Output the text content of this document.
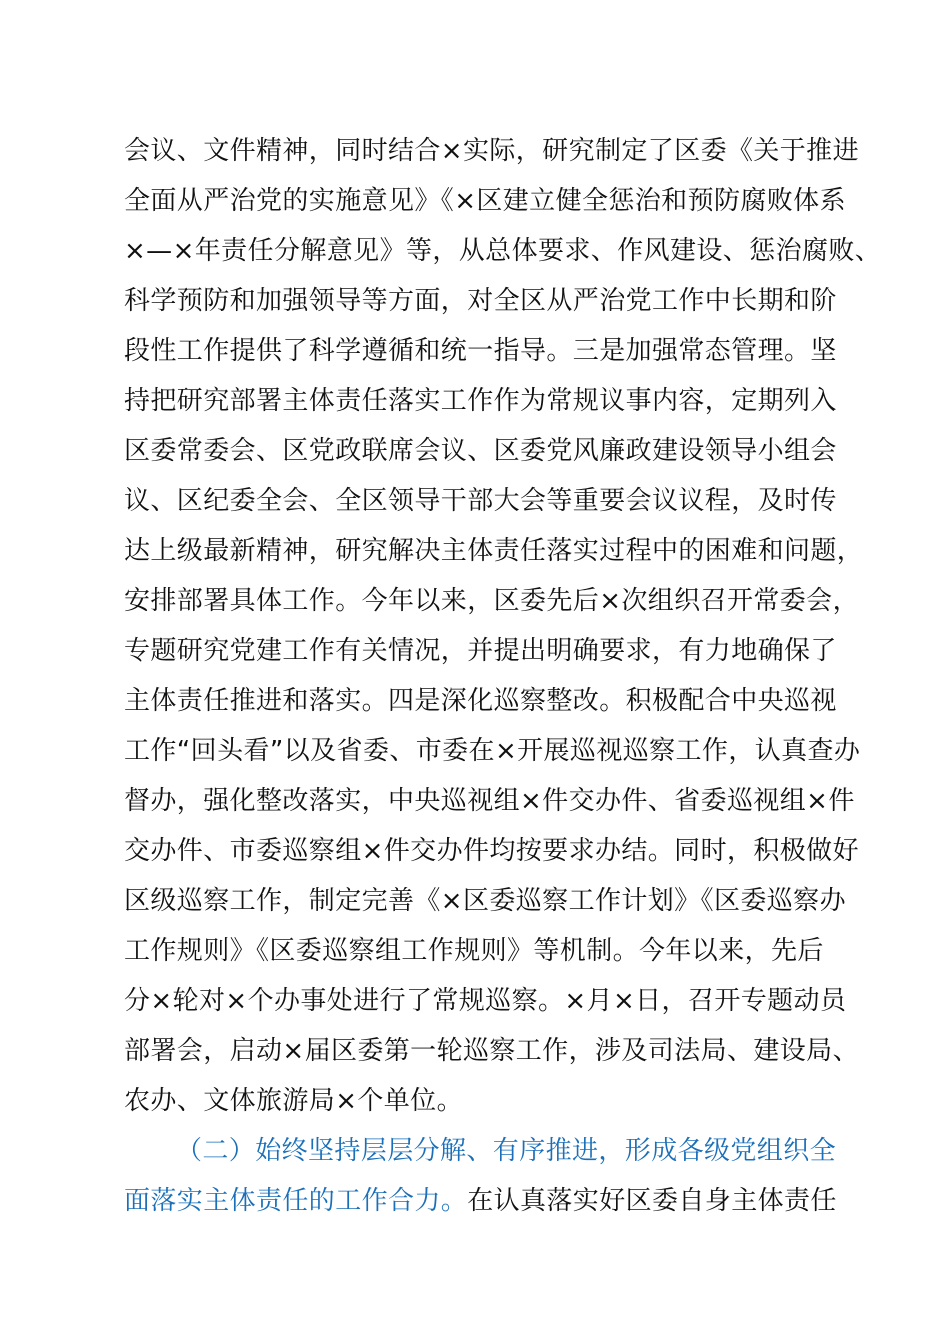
会议、文件精神，同时结合×实际，研究制定了区委《关于推进
全面从严治党的实施意见》《×区建立健全惩治和预防腐败体系
×—×年责任分解意见》等，从总体要求、作风建设、惩治腐败、
科学预防和加强领导等方面，对全区从严治党工作中长期和阶
段性工作提供了科学遵循和统一指导。三是加强常态管理。坚
持把研究部署主体责任落实工作作为常规议事内容，定期列入
区委常委会、区党政联席会议、区委党风廉政建设领导小组会
议、区纪委全会、全区领导干部大会等重要会议议程，及时传
达上级最新精神，研究解决主体责任落实过程中的困难和问题，
安排部署具体工作。今年以来，区委先后×次组织召开常委会，
专题研究党建工作有关情况，并提出明确要求，有力地确保了
主体责任推进和落实。四是深化巡察整改。积极配合中央巡视
工作“回头看”以及省委、市委在×开展巡视巡察工作，认真查办
督办，强化整改落实，中央巡视组×件交办件、省委巡视组×件
交办件、市委巡察组×件交办件均按要求办结。同时，积极做好
区级巡察工作，制定完善《×区委巡察工作计划》《区委巡察办
工作规则》《区委巡察组工作规则》等机制。今年以来，先后
分×轮对×个办事处进行了常规巡察。×月×日，召开专题动员
部署会，启动×届区委第一轮巡察工作，涉及司法局、建设局、
农办、文体旅游局×个单位。
（二）始终坚持层层分解、有序推进，形成各级党组织全
面落实主体责任的工作合力。在认真落实好区委自身主体责任
